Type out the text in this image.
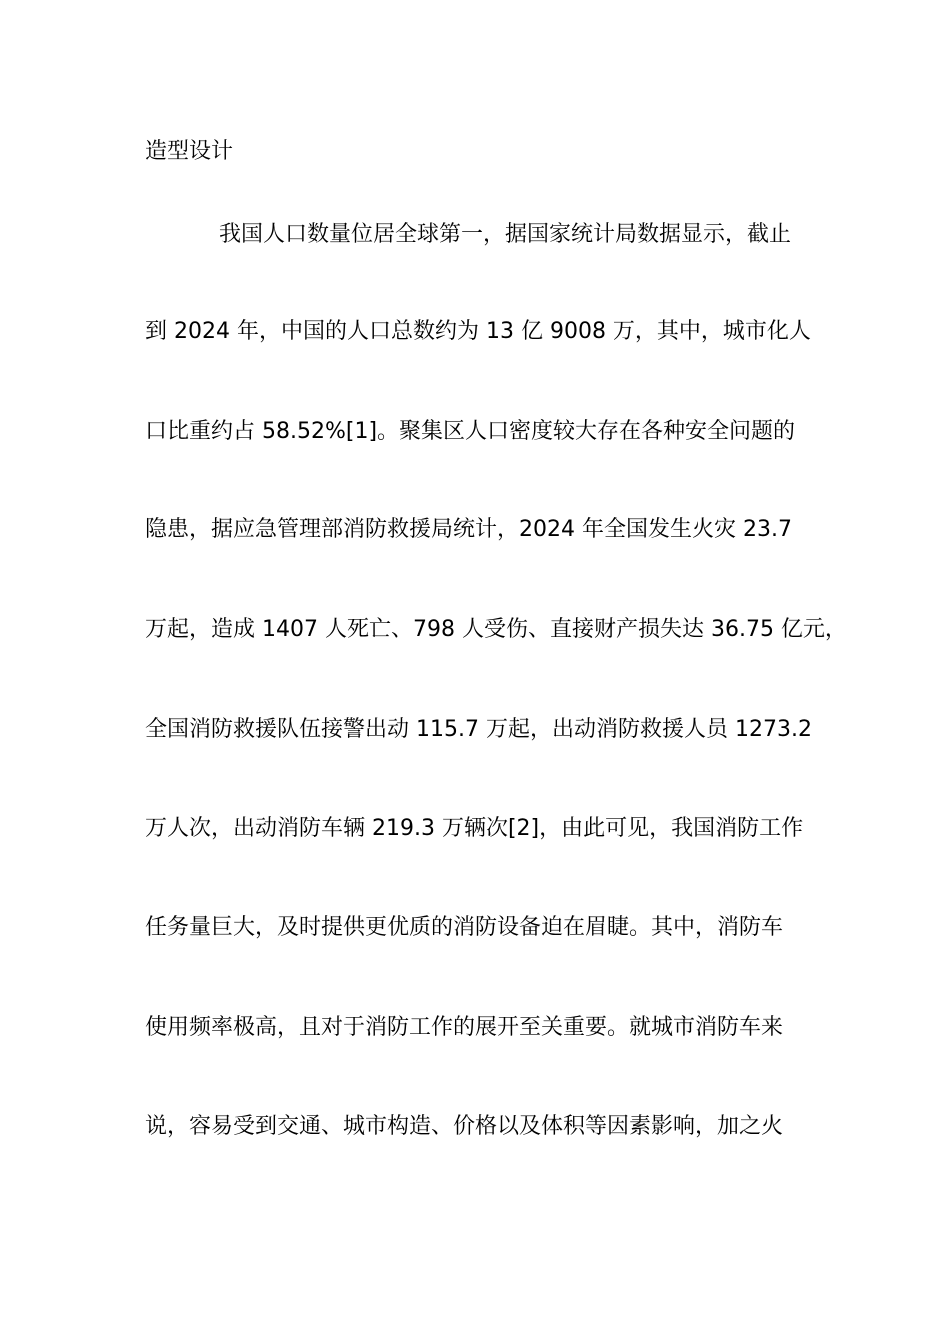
造型设计
我国人口数量位居全球第一，据国家统计局数据显示，截止
到 2024 年，中国的人口总数约为 13 亿 9008 万，其中，城市化人
口比重约占 58.52%[1]。聚集区人口密度较大存在各种安全问题的
隐患，据应急管理部消防救援局统计，2024 年全国发生火灾 23.7
万起，造成 1407 人死亡、798 人受伤、直接财产损失达 36.75 亿元，
全国消防救援队伍接警出动 115.7 万起，出动消防救援人员 1273.2
万人次，出动消防车辆 219.3 万辆次[2]，由此可见，我国消防工作
任务量巨大，及时提供更优质的消防设备迫在眉睫。其中，消防车
使用频率极高，且对于消防工作的展开至关重要。就城市消防车来
说，容易受到交通、城市构造、价格以及体积等因素影响，加之火
